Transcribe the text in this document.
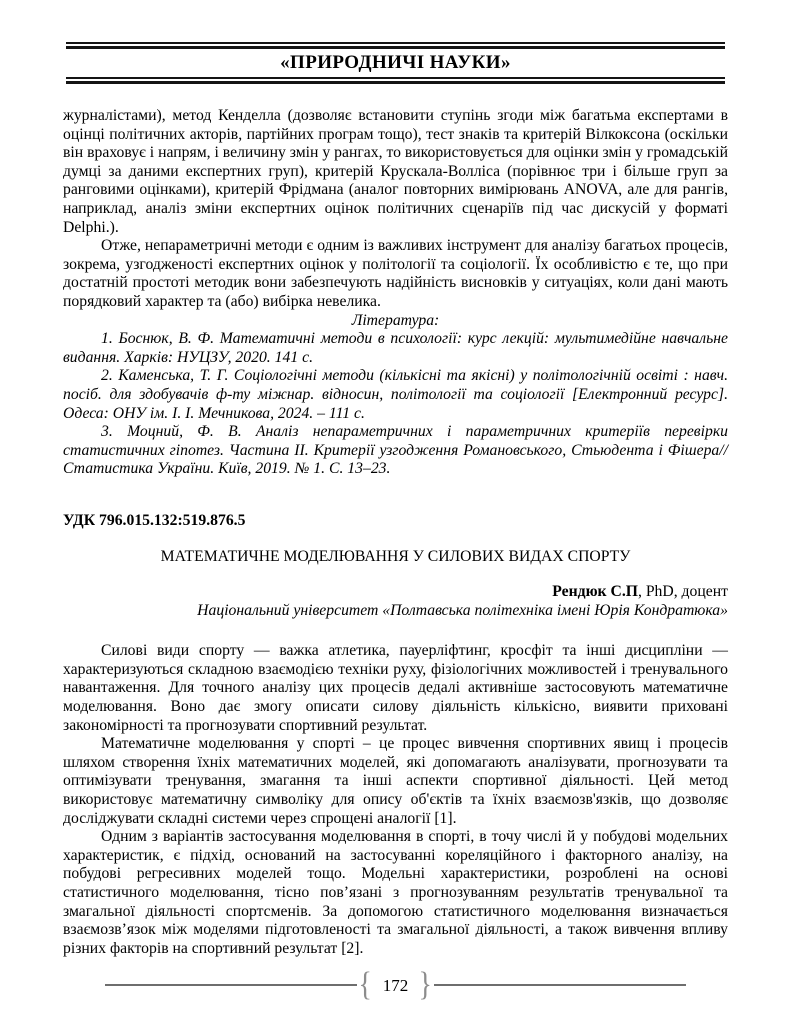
«ПРИРОДНИЧІ НАУКИ»

журналістами), метод Кенделла (дозволяє встановити ступінь згоди між багатьма експертами в оцінці політичних акторів, партійних програм тощо), тест знаків та критерій Вілкоксона (оскільки він враховує і напрям, і величину змін у рангах, то використовується для оцінки змін у громадській думці за даними експертних груп), критерій Крускала-Волліса (порівнює три і більше груп за ранговими оцінками), критерій Фрідмана (аналог повторних вимірювань ANOVA, але для рангів, наприклад, аналіз зміни експертних оцінок політичних сценаріїв під час дискусій у форматі Delphi.).

Отже, непараметричні методи є одним із важливих інструмент для аналізу багатьох процесів, зокрема, узгодженості експертних оцінок у політології та соціології. Їх особливістю є те, що при достатній простоті методик вони забезпечують надійність висновків у ситуаціях, коли дані мають порядковий характер та (або) вибірка невелика.

Література:

1. Боснюк, В. Ф. Математичні методи в психології: курс лекцій: мультимедійне навчальне видання. Харків: НУЦЗУ, 2020. 141 с.

2. Каменська, Т. Г. Соціологічні методи (кількісні та якісні) у політологічній освіті : навч. посіб. для здобувачів ф-ту міжнар. відносин, політології та соціології [Електронний ресурс]. Одеса: ОНУ ім. І. І. Мечникова, 2024. – 111 с.

3. Моцний, Ф. В. Аналіз непараметричних і параметричних критеріїв перевірки статистичних гіпотез. Частина II. Критерії узгодження Романовського, Стьюдента і Фішера// Статистика України. Київ, 2019. № 1. С. 13–23.

УДК 796.015.132:519.876.5

МАТЕМАТИЧНЕ МОДЕЛЮВАННЯ У СИЛОВИХ ВИДАХ СПОРТУ

Рендюк С.П, PhD, доцент

Національний університет «Полтавська політехніка імені Юрія Кондратюка»

Силові види спорту — важка атлетика, пауерліфтинг, кросфіт та інші дисципліни — характеризуються складною взаємодією техніки руху, фізіологічних можливостей і тренувального навантаження. Для точного аналізу цих процесів дедалі активніше застосовують математичне моделювання. Воно дає змогу описати силову діяльність кількісно, виявити приховані закономірності та прогнозувати спортивний результат.

Математичне моделювання у спорті – це процес вивчення спортивних явищ і процесів шляхом створення їхніх математичних моделей, які допомагають аналізувати, прогнозувати та оптимізувати тренування, змагання та інші аспекти спортивної діяльності. Цей метод використовує математичну символіку для опису об'єктів та їхніх взаємозв'язків, що дозволяє досліджувати складні системи через спрощені аналогії [1].

Одним з варіантів застосування моделювання в спорті, в точу числі й у побудові модельних характеристик, є підхід, оснований на застосуванні кореляційного і факторного аналізу, на побудові регресивних моделей тощо. Модельні характеристики, розроблені на основі статистичного моделювання, тісно пов’язані з прогнозуванням результатів тренувальної та змагальної діяльності спортсменів. За допомогою статистичного моделювання визначається взаємозв’язок між моделями підготовленості та змагальної діяльності, а також вивчення впливу різних факторів на спортивний результат [2].

{ 172 }
